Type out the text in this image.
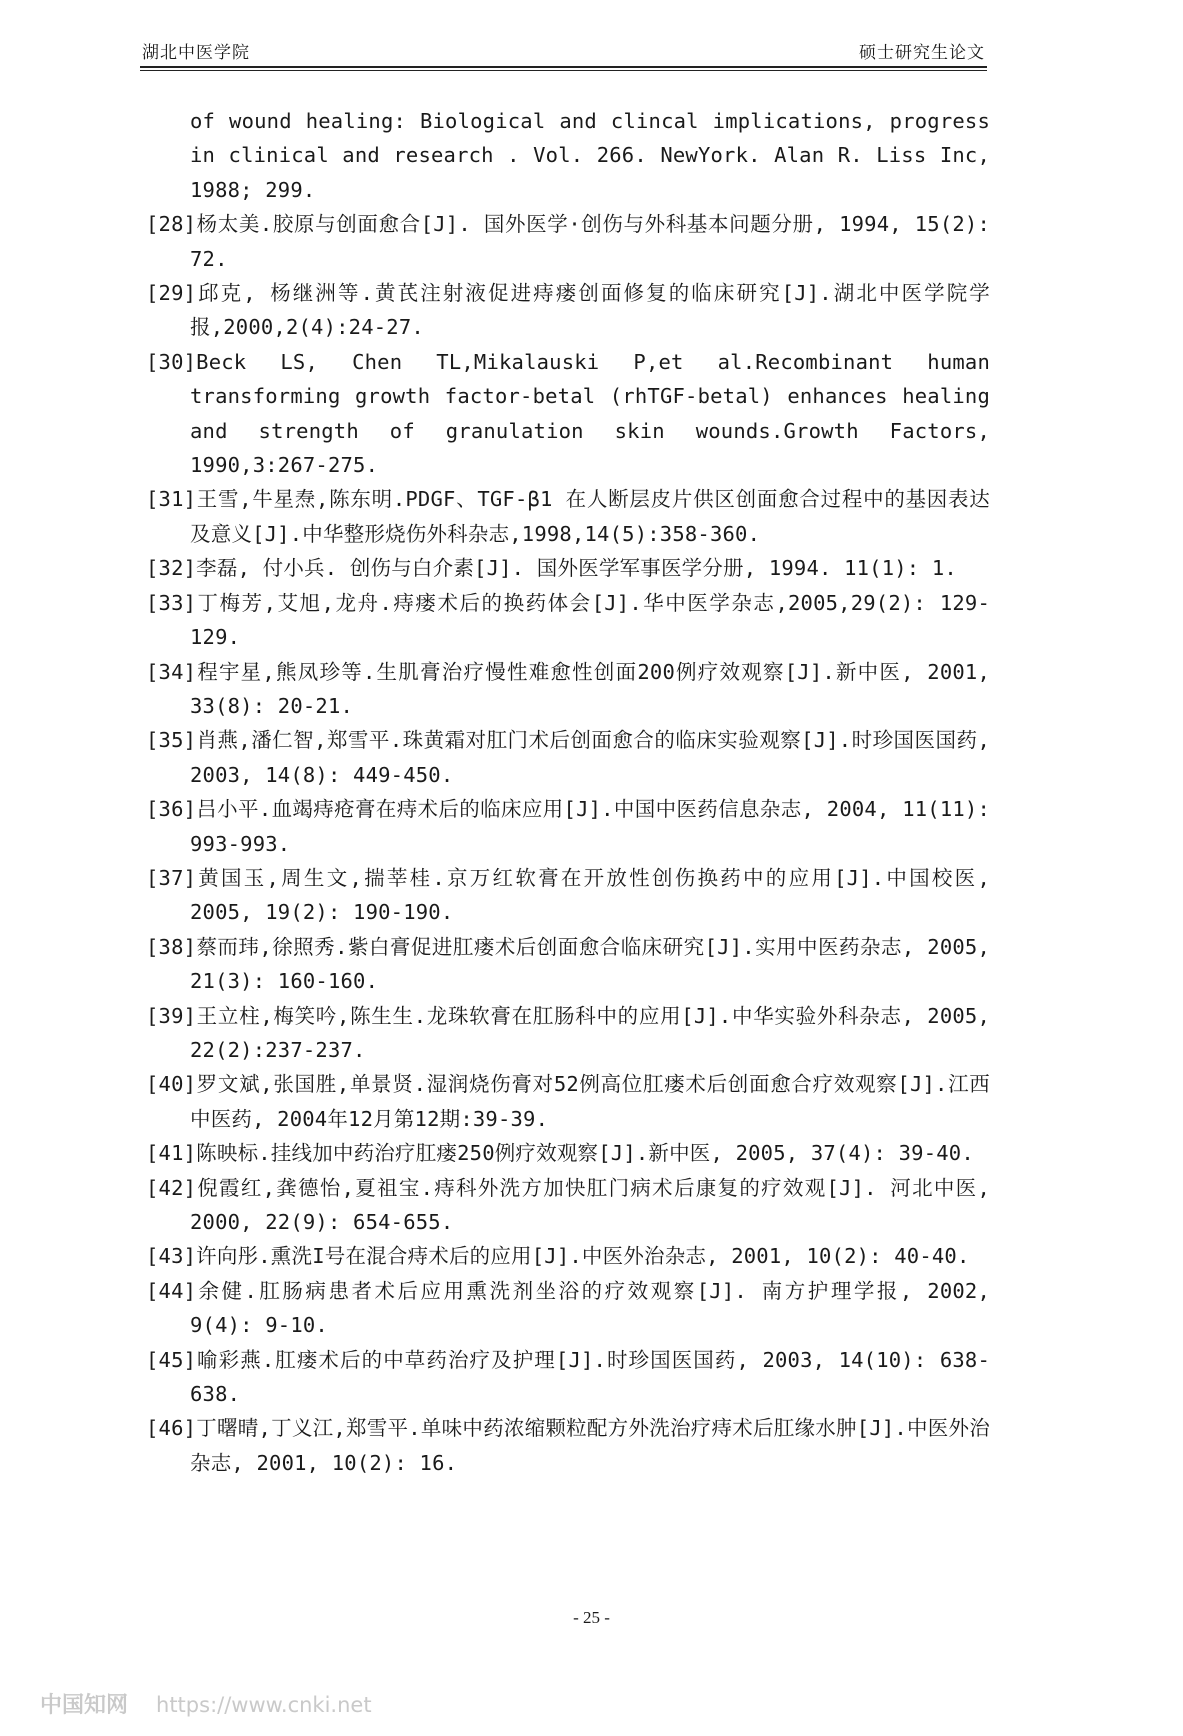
湖北中医学院	硕士研究生论文

of wound healing: Biological and clincal implications, progress in clinical and research . Vol. 266. NewYork. Alan R. Liss Inc, 1988; 299.

[28]杨太美.胶原与创面愈合[J]. 国外医学·创伤与外科基本问题分册, 1994, 15(2): 72.

[29]邱克, 杨继洲等.黄芪注射液促进痔瘘创面修复的临床研究[J].湖北中医学院学报,2000,2(4):24-27.

[30]Beck LS, Chen TL,Mikalauski P,et al.Recombinant human transforming growth factor-betal (rhTGF-betal) enhances healing and strength of granulation skin wounds.Growth Factors, 1990,3:267-275.

[31]王雪,牛星焘,陈东明.PDGF、TGF-β1 在人断层皮片供区创面愈合过程中的基因表达及意义[J].中华整形烧伤外科杂志,1998,14(5):358-360.

[32]李磊, 付小兵. 创伤与白介素[J]. 国外医学军事医学分册, 1994. 11(1): 1.

[33]丁梅芳,艾旭,龙舟.痔瘘术后的换药体会[J].华中医学杂志,2005,29(2): 129-129.

[34]程宇星,熊凤珍等.生肌膏治疗慢性难愈性创面200例疗效观察[J].新中医, 2001, 33(8): 20-21.

[35]肖燕,潘仁智,郑雪平.珠黄霜对肛门术后创面愈合的临床实验观察[J].时珍国医国药, 2003, 14(8): 449-450.

[36]吕小平.血竭痔疮膏在痔术后的临床应用[J].中国中医药信息杂志, 2004, 11(11): 993-993.

[37]黄国玉,周生文,揣莘桂.京万红软膏在开放性创伤换药中的应用[J].中国校医, 2005, 19(2): 190-190.

[38]蔡而玮,徐照秀.紫白膏促进肛瘘术后创面愈合临床研究[J].实用中医药杂志, 2005, 21(3): 160-160.

[39]王立柱,梅笑吟,陈生生.龙珠软膏在肛肠科中的应用[J].中华实验外科杂志, 2005, 22(2):237-237.

[40]罗文斌,张国胜,单景贤.湿润烧伤膏对52例高位肛瘘术后创面愈合疗效观察[J].江西中医药, 2004年12月第12期:39-39.

[41]陈映标.挂线加中药治疗肛瘘250例疗效观察[J].新中医, 2005, 37(4): 39-40.

[42]倪霞红,龚德怡,夏祖宝.痔科外洗方加快肛门病术后康复的疗效观[J]. 河北中医, 2000, 22(9): 654-655.

[43]许向彤.熏洗I号在混合痔术后的应用[J].中医外治杂志, 2001, 10(2): 40-40.

[44]余健.肛肠病患者术后应用熏洗剂坐浴的疗效观察[J]. 南方护理学报, 2002, 9(4): 9-10.

[45]喻彩燕.肛瘘术后的中草药治疗及护理[J].时珍国医国药, 2003, 14(10): 638-638.

[46]丁曙晴,丁义江,郑雪平.单味中药浓缩颗粒配方外洗治疗痔术后肛缘水肿[J].中医外治杂志, 2001, 10(2): 16.

- 25 -
中国知网 https://www.cnki.net
